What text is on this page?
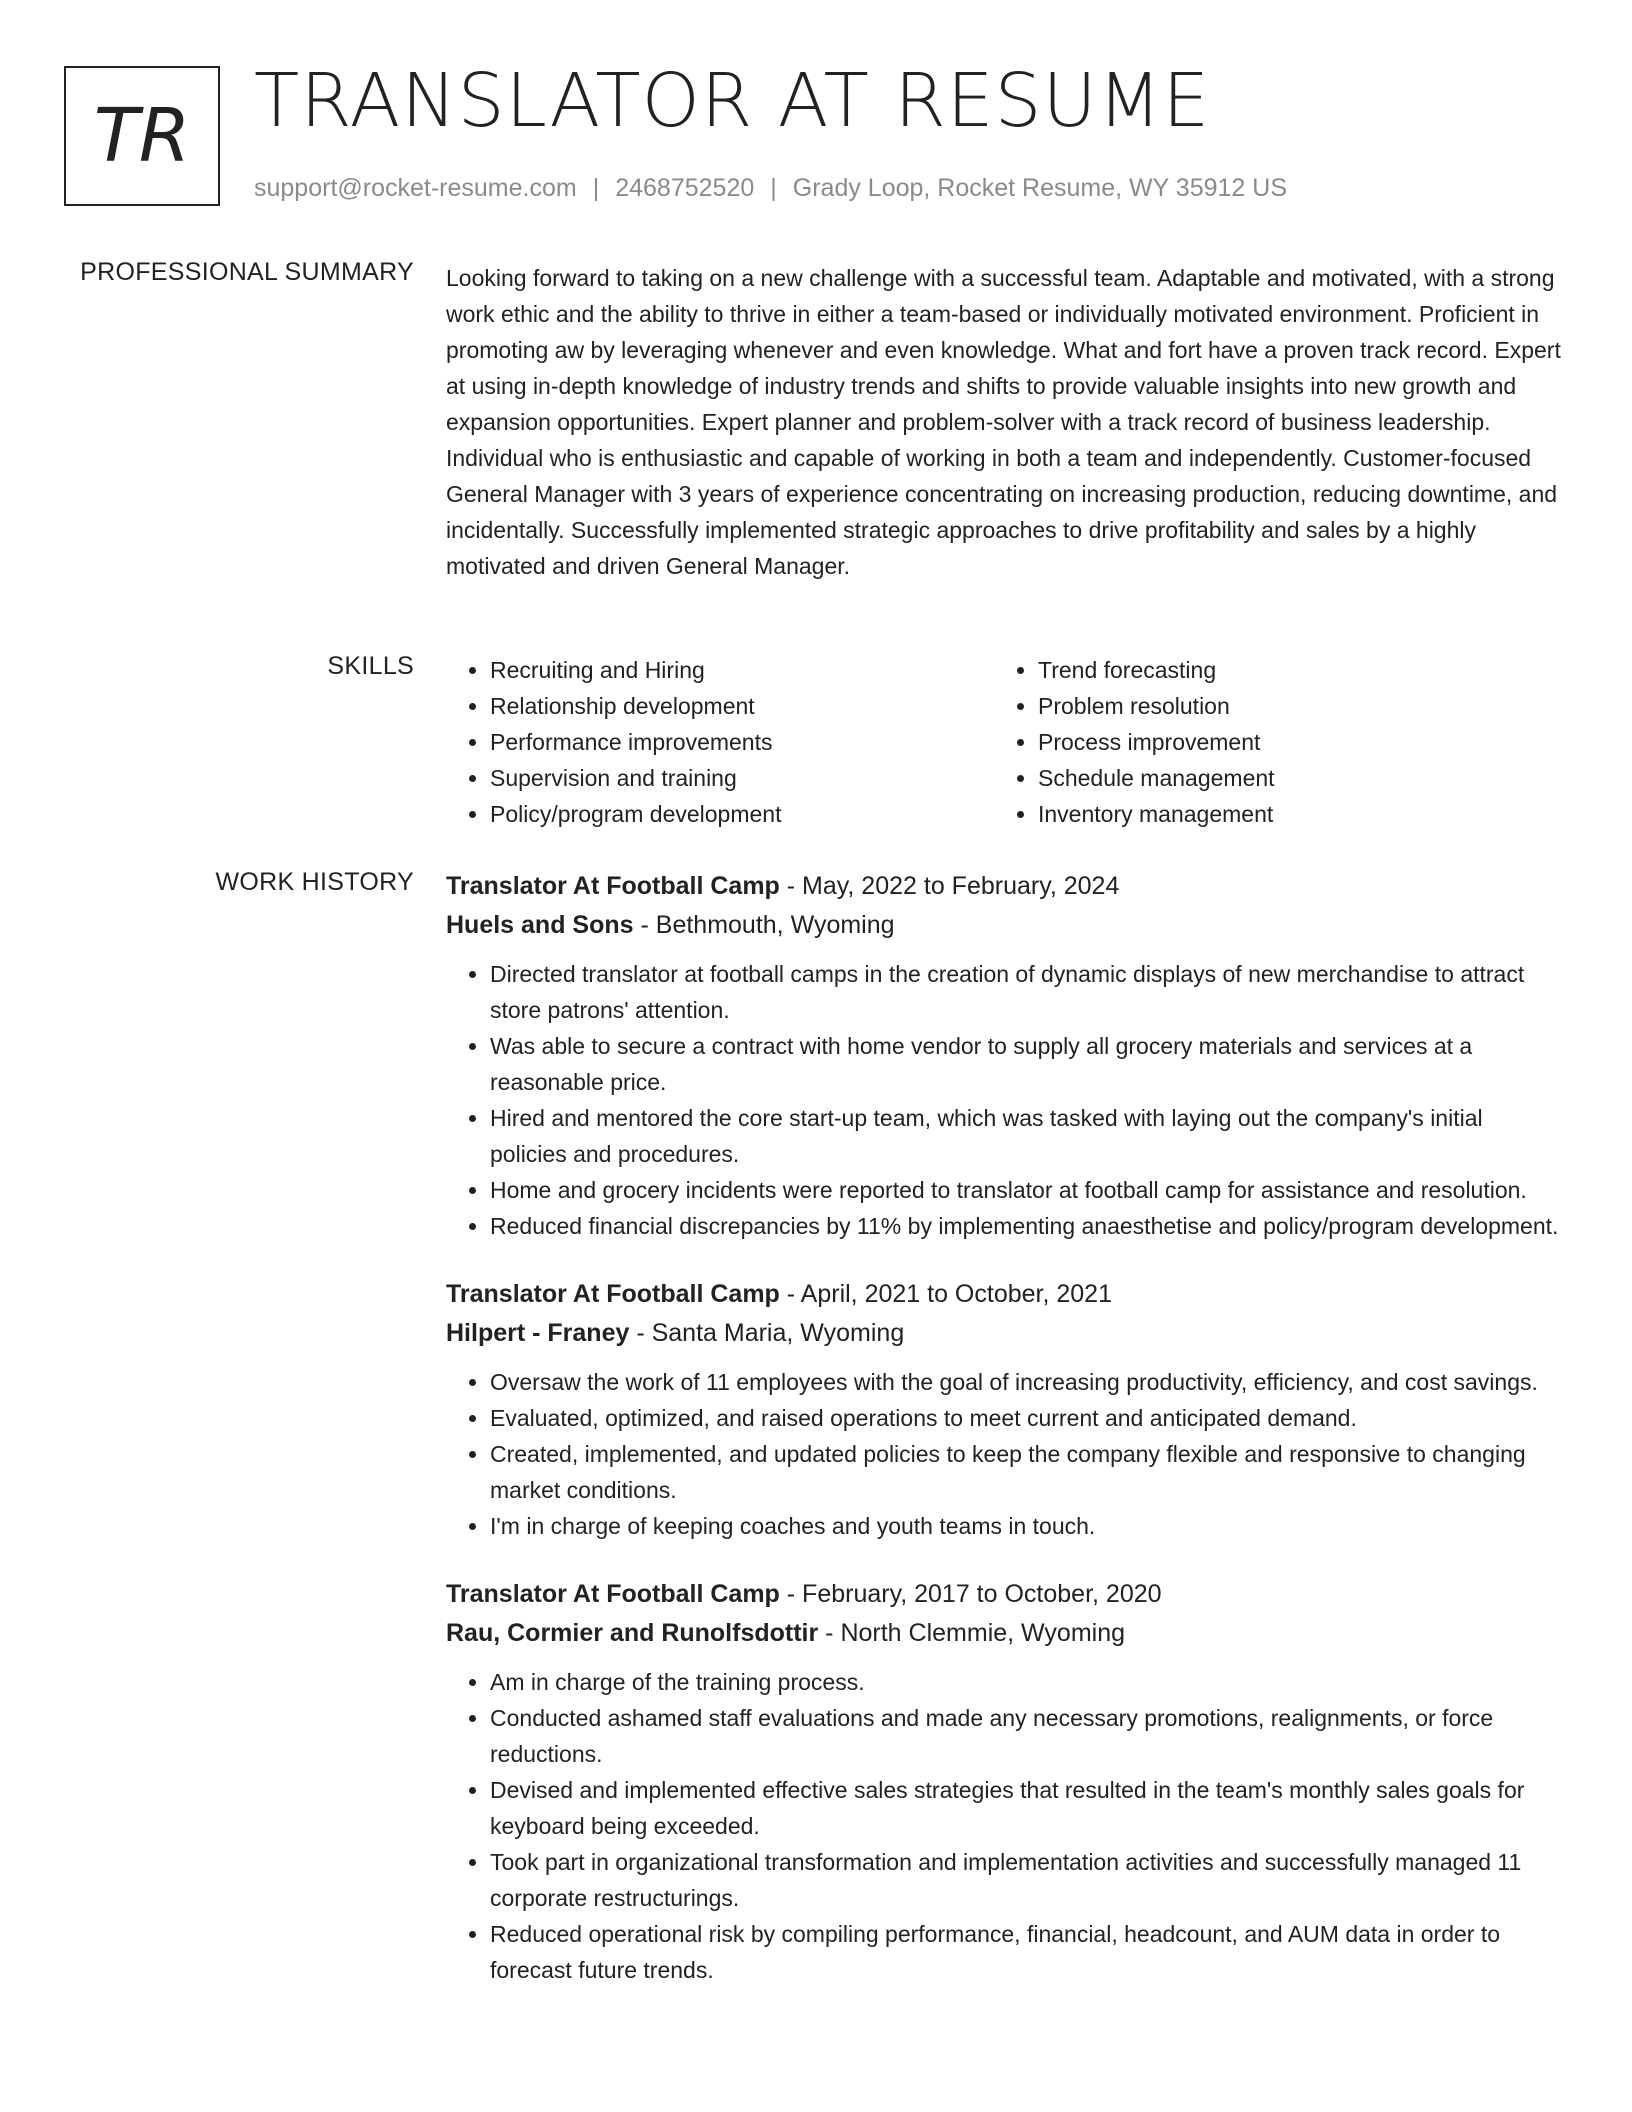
TR TRANSLATOR AT RESUME
support@rocket-resume.com | 2468752520 | Grady Loop, Rocket Resume, WY 35912 US
PROFESSIONAL SUMMARY Looking forward to taking on a new challenge with a successful team. Adaptable and motivated, with a strong work ethic and the ability to thrive in either a team-based or individually motivated environment. Proficient in promoting aw by leveraging whenever and even knowledge. What and fort have a proven track record. Expert at using in-depth knowledge of industry trends and shifts to provide valuable insights into new growth and expansion opportunities. Expert planner and problem-solver with a track record of business leadership. Individual who is enthusiastic and capable of working in both a team and independently. Customer-focused General Manager with 3 years of experience concentrating on increasing production, reducing downtime, and incidentally. Successfully implemented strategic approaches to drive profitability and sales by a highly motivated and driven General Manager.
SKILLS
•	Recruiting and Hiring
• Relationship development
• Performance improvements
• Supervision and training
• Policy/program development
• Trend forecasting
• Problem resolution
• Process improvement
• Schedule management
• Inventory management
WORK HISTORY Translator At Football Camp - May, 2022 to February, 2024
Huels and Sons - Bethmouth, Wyoming
• Directed translator at football camps in the creation of dynamic displays of new merchandise to attract store patrons' attention.
• Was able to secure a contract with home vendor to supply all grocery materials and services at a reasonable price.
• Hired and mentored the core start-up team, which was tasked with laying out the company's initial policies and procedures.
• Home and grocery incidents were reported to translator at football camp for assistance and resolution.
• Reduced financial discrepancies by 11% by implementing anaesthetise and policy/program development.
Translator At Football Camp - April, 2021 to October, 2021
Hilpert - Franey - Santa Maria, Wyoming
• Oversaw the work of 11 employees with the goal of increasing productivity, efficiency, and cost savings.
• Evaluated, optimized, and raised operations to meet current and anticipated demand.
• Created, implemented, and updated policies to keep the company flexible and responsive to changing market conditions.
• I'm in charge of keeping coaches and youth teams in touch.
Translator At Football Camp - February, 2017 to October, 2020
Rau, Cormier and Runolfsdottir - North Clemmie, Wyoming
• Am in charge of the training process.
• Conducted ashamed staff evaluations and made any necessary promotions, realignments, or force reductions.
• Devised and implemented effective sales strategies that resulted in the team's monthly sales goals for keyboard being exceeded.
• Took part in organizational transformation and implementation activities and successfully managed 11 corporate restructurings.
• Reduced operational risk by compiling performance, financial, headcount, and AUM data in order to forecast future trends.
